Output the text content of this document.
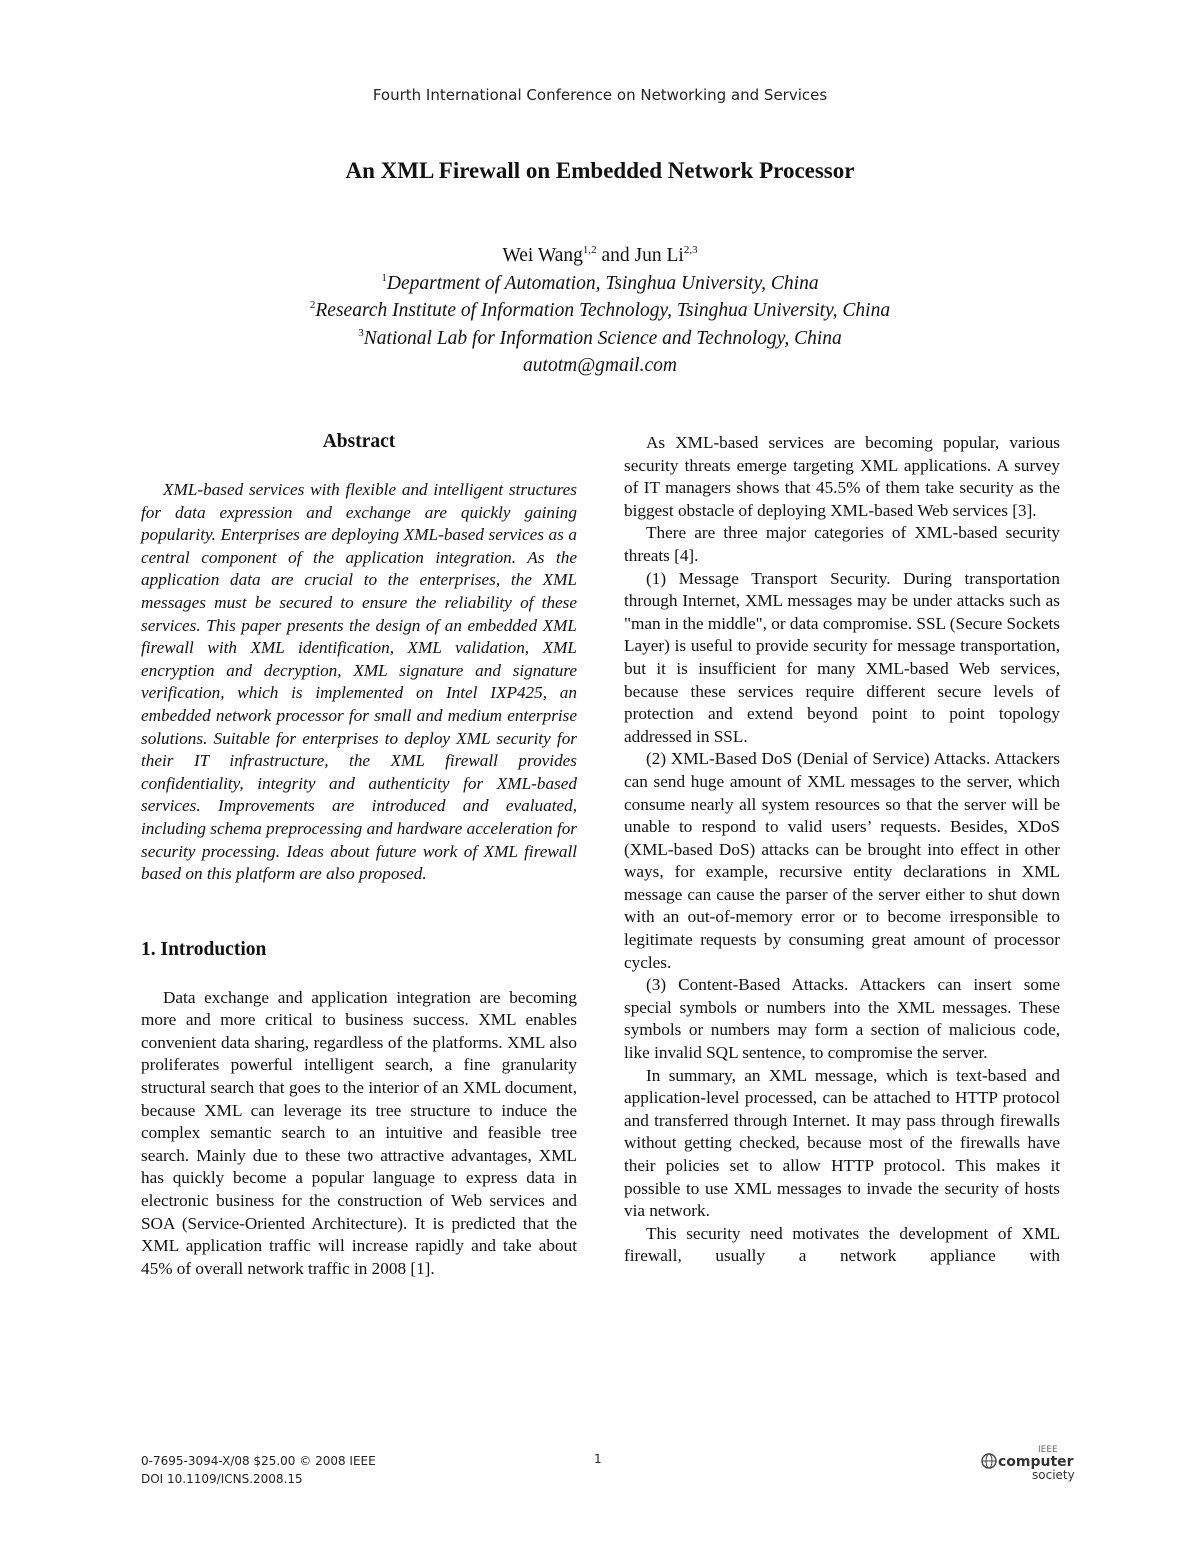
Fourth International Conference on Networking and Services
An XML Firewall on Embedded Network Processor
Wei Wang$^{1,2}$ and Jun Li$^{2,3}$
$^1$Department of Automation, Tsinghua University, China
$^2$Research Institute of Information Technology, Tsinghua University, China
$^3$National Lab for Information Science and Technology, China
autotm@gmail.com
Abstract

XML-based services with flexible and intelligent structures for data expression and exchange are quickly gaining popularity. Enterprises are deploying XML-based services as a central component of the application integration. As the application data are crucial to the enterprises, the XML messages must be secured to ensure the reliability of these services. This paper presents the design of an embedded XML firewall with XML identification, XML validation, XML encryption and decryption, XML signature and signature verification, which is implemented on Intel IXP425, an embedded network processor for small and medium enterprise solutions. Suitable for enterprises to deploy XML security for their IT infrastructure, the XML firewall provides confidentiality, integrity and authenticity for XML-based services. Improvements are introduced and evaluated, including schema preprocessing and hardware acceleration for security processing. Ideas about future work of XML firewall based on this platform are also proposed.

1. Introduction

Data exchange and application integration are becoming more and more critical to business success. XML enables convenient data sharing, regardless of the platforms. XML also proliferates powerful intelligent search, a fine granularity structural search that goes to the interior of an XML document, because XML can leverage its tree structure to induce the complex semantic search to an intuitive and feasible tree search. Mainly due to these two attractive advantages, XML has quickly become a popular language to express data in electronic business for the construction of Web services and SOA (Service-Oriented Architecture). It is predicted that the XML application traffic will increase rapidly and take about 45% of overall network traffic in 2008 [1].

As XML-based services are becoming popular, various security threats emerge targeting XML applications. A survey of IT managers shows that 45.5% of them take security as the biggest obstacle of deploying XML-based Web services [3].

There are three major categories of XML-based security threats [4].

(1) Message Transport Security. During transportation through Internet, XML messages may be under attacks such as "man in the middle", or data compromise. SSL (Secure Sockets Layer) is useful to provide security for message transportation, but it is insufficient for many XML-based Web services, because these services require different secure levels of protection and extend beyond point to point topology addressed in SSL.

(2) XML-Based DoS (Denial of Service) Attacks. Attackers can send huge amount of XML messages to the server, which consume nearly all system resources so that the server will be unable to respond to valid users’ requests. Besides, XDoS (XML-based DoS) attacks can be brought into effect in other ways, for example, recursive entity declarations in XML message can cause the parser of the server either to shut down with an out-of-memory error or to become irresponsible to legitimate requests by consuming great amount of processor cycles.

(3) Content-Based Attacks. Attackers can insert some special symbols or numbers into the XML messages. These symbols or numbers may form a section of malicious code, like invalid SQL sentence, to compromise the server.

In summary, an XML message, which is text-based and application-level processed, can be attached to HTTP protocol and transferred through Internet. It may pass through firewalls without getting checked, because most of the firewalls have their policies set to allow HTTP protocol. This makes it possible to use XML messages to invade the security of hosts via network.

This security need motivates the development of XML firewall, usually a network appliance with

0-7695-3094-X/08 $25.00 © 2008 IEEE
DOI 10.1109/ICNS.2008.15
1
IEEE
computer
society
